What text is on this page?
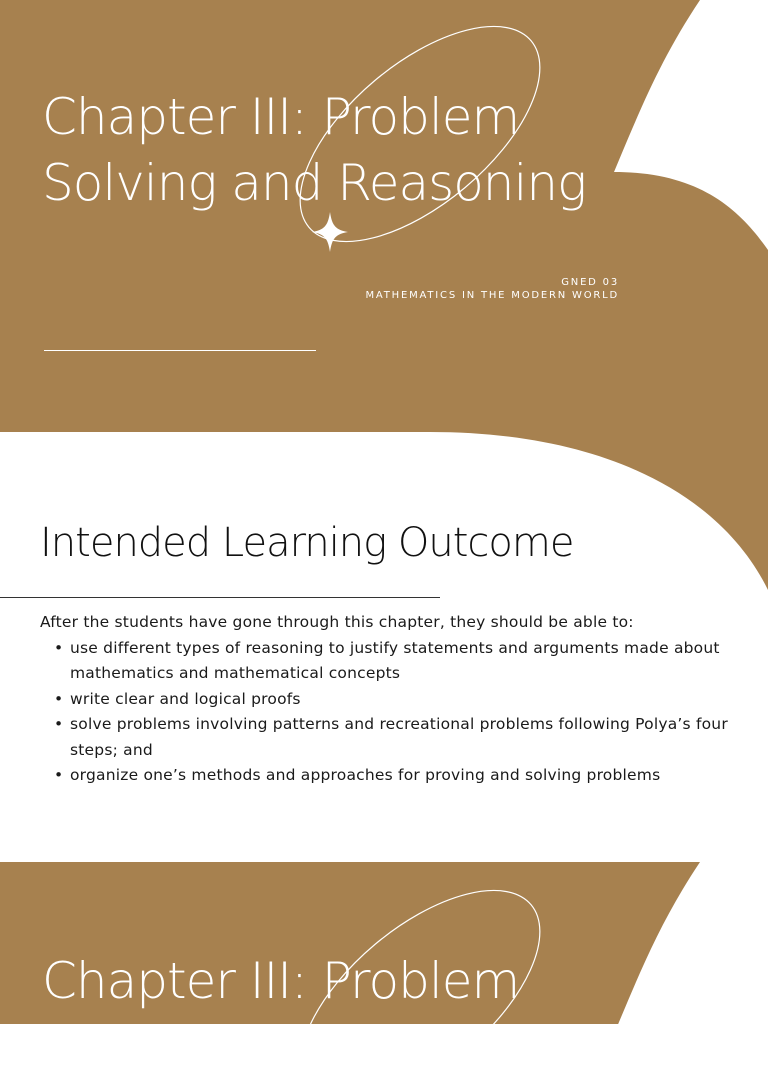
Chapter III: Problem
Solving and Reasoning
GNED 03
MATHEMATICS IN THE MODERN WORLD
Intended Learning Outcome

After the students have gone through this chapter, they should be able to:

• use different types of reasoning to justify statements and arguments made about mathematics and mathematical concepts
• write clear and logical proofs
• solve problems involving patterns and recreational problems following Polya’s four steps; and
• organize one’s methods and approaches for proving and solving problems
Chapter III: Problem
Solving and Reasoning
